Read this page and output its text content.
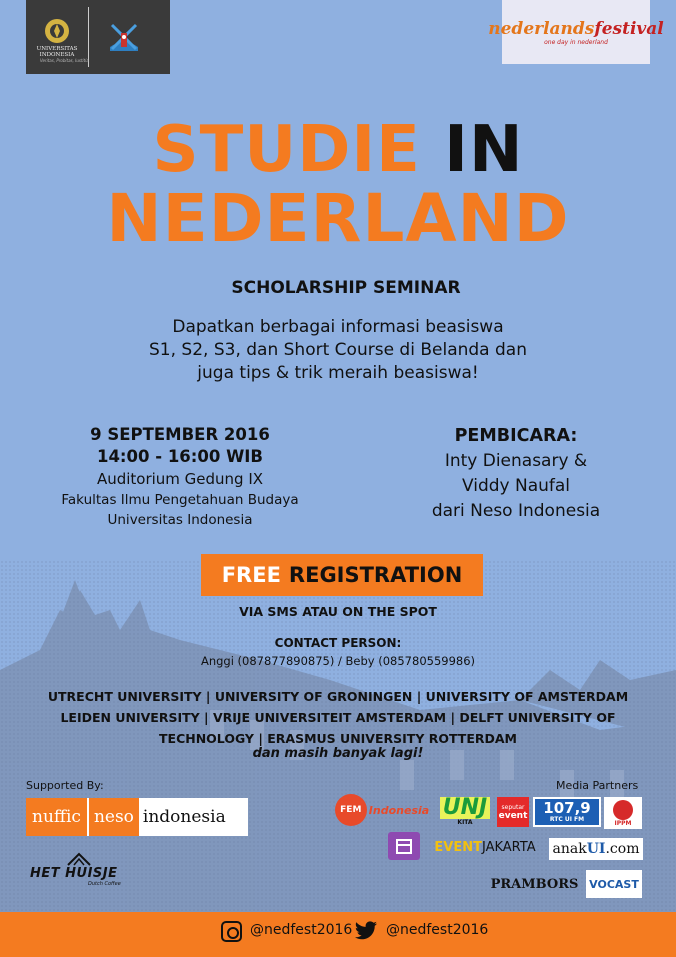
UNIVERSITAS
INDONESIA
Veritas, Probitas, Iustitia
nederlandsfestival
one day in nederland
STUDIE IN
NEDERLAND
SCHOLARSHIP SEMINAR
Dapatkan berbagai informasi beasiswa
S1, S2, S3, dan Short Course di Belanda dan
juga tips & trik meraih beasiswa!
9 SEPTEMBER 2016
14:00 - 16:00 WIB
Auditorium Gedung IX
Fakultas Ilmu Pengetahuan Budaya
Universitas Indonesia
PEMBICARA:
Inty Dienasary &
Viddy Naufal
dari Neso Indonesia
FREE REGISTRATION
VIA SMS ATAU ON THE SPOT
CONTACT PERSON:
Anggi (087877890875) / Beby (085780559986)
UTRECHT UNIVERSITY | UNIVERSITY OF GRONINGEN | UNIVERSITY OF AMSTERDAM
LEIDEN UNIVERSITY | VRIJE UNIVERSITEIT AMSTERDAM | DELFT UNIVERSITY OF
TECHNOLOGY | ERASMUS UNIVERSITY ROTTERDAM
dan masih banyak lagi!
Supported By:	Media Partners
nuffic neso indonesia
HET HUISJE
Dutch Coffee
FEM Indonesia UNJ
KITA
seputar
event 107,9
RTC UI FM	IPPM
EVENT JAKARTA anak UI .com
PRAMBORS VOCAST
@nedfest2016 @nedfest2016
